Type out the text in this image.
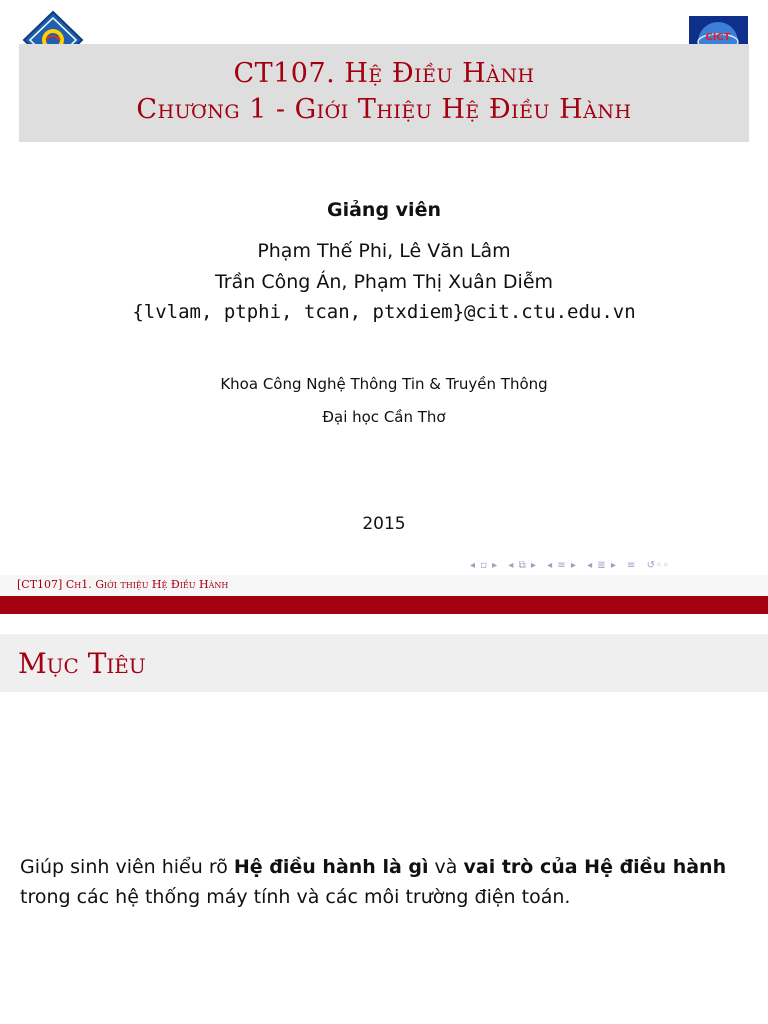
CICT
CT107. Hệ Điều Hành
Chương 1 - Giới Thiệu Hệ Điều Hành
Giảng viên
Phạm Thế Phi, Lê Văn Lâm
Trần Công Án, Phạm Thị Xuân Diễm
{lvlam, ptphi, tcan, ptxdiem}@cit.ctu.edu.vn
Khoa Công Nghệ Thông Tin & Truyền Thông
Đại học Cần Thơ
2015
◂ ▫ ▸ ◂ ⧉ ▸ ◂ ≡ ▸ ◂ ≣ ▸ ≡ ↺◦◦
[CT107] Ch1. Giới thiệu Hệ Điều Hành
Mục Tiêu
Giúp sinh viên hiểu rõ Hệ điều hành là gì và vai trò của Hệ điều hành trong các hệ thống máy tính và các môi trường điện toán.
